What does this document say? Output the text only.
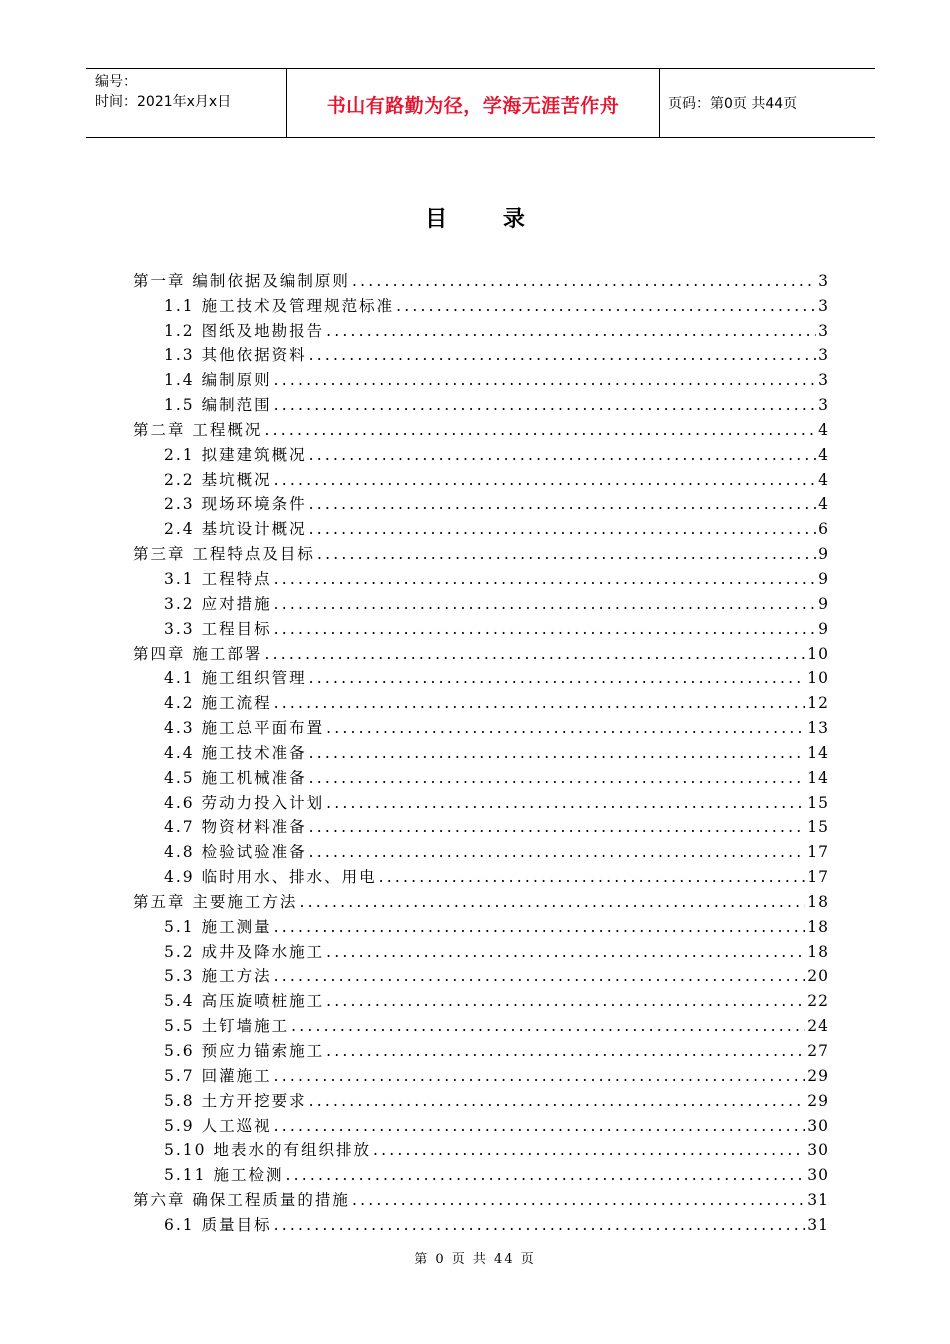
编号：
时间：2021年x月x日	书山有路勤为径，学海无涯苦作舟	页码：第0页 共44页
目 录
第一章 编制依据及编制原则 .....	3
1.1 施工技术及管理规范标准 .....	3
1.2 图纸及地勘报告 .....	3
1.3 其他依据资料 .....	3
1.4 编制原则 .....	3
1.5 编制范围 .....	3
第二章 工程概况 .....	4
2.1 拟建建筑概况 .....	4
2.2 基坑概况 .....	4
2.3 现场环境条件 .....	4
2.4 基坑设计概况 .....	6
第三章 工程特点及目标 .....	9
3.1 工程特点 .....	9
3.2 应对措施 .....	9
3.3 工程目标 .....	9
第四章 施工部署 .....	10
4.1 施工组织管理 .....	10
4.2 施工流程 .....	12
4.3 施工总平面布置 .....	13
4.4 施工技术准备 .....	14
4.5 施工机械准备 .....	14
4.6 劳动力投入计划 .....	15
4.7 物资材料准备 .....	15
4.8 检验试验准备 .....	17
4.9 临时用水、排水、用电 .....	17
第五章 主要施工方法 .....	18
5.1 施工测量 .....	18
5.2 成井及降水施工 .....	18
5.3 施工方法 .....	20
5.4 高压旋喷桩施工 .....	22
5.5 土钉墙施工 .....	24
5.6 预应力锚索施工 .....	27
5.7 回灌施工 .....	29
5.8 土方开挖要求 .....	29
5.9 人工巡视 .....	30
5.10 地表水的有组织排放 .....	30
5.11 施工检测 .....	30
第六章 确保工程质量的措施 .....	31
6.1 质量目标 .....	31
第 0 页 共 44 页
